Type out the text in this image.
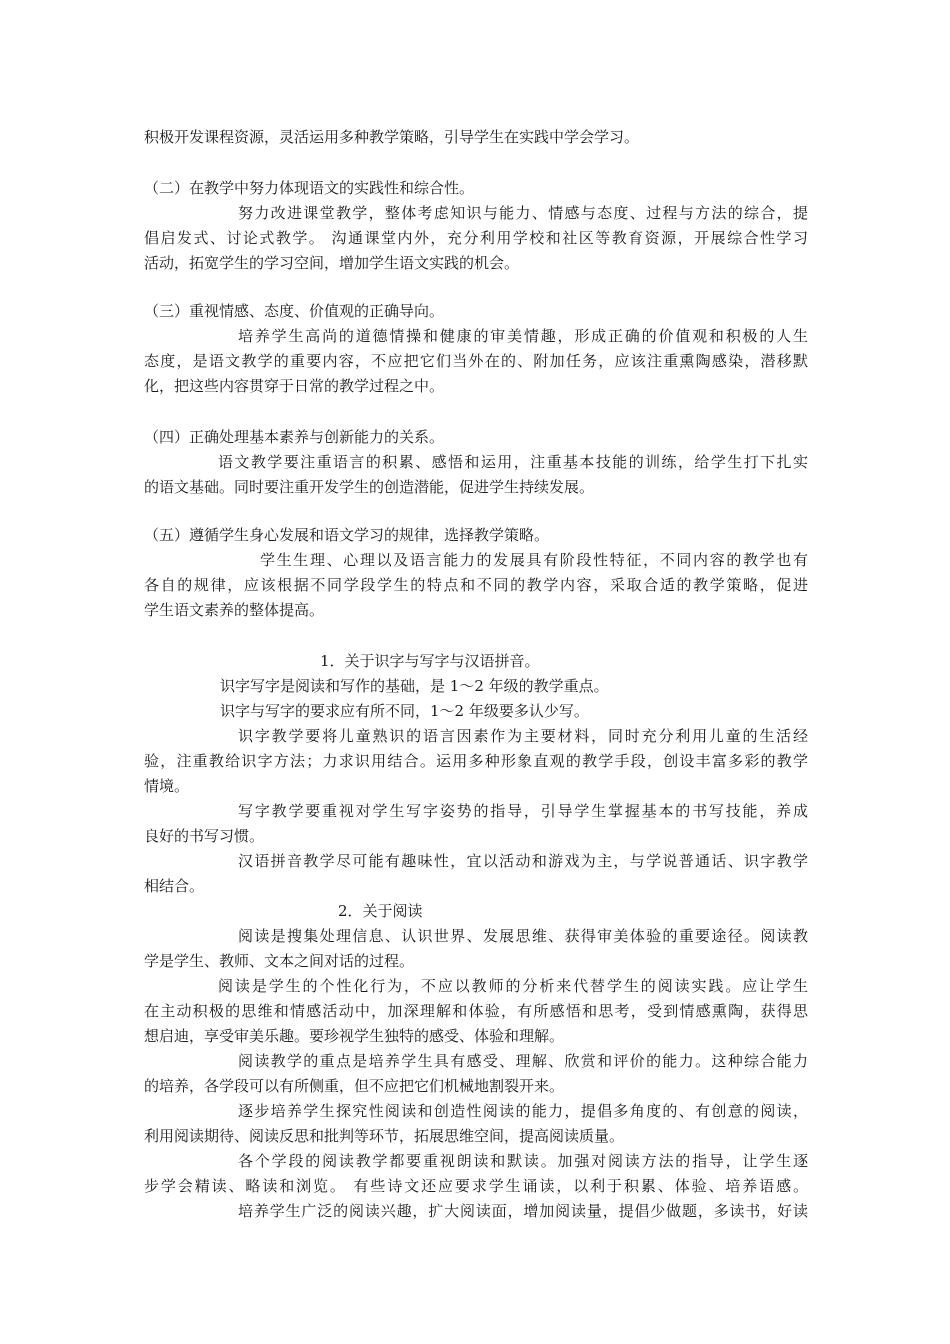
积极开发课程资源，灵活运用多种教学策略，引导学生在实践中学会学习。
（二）在教学中努力体现语文的实践性和综合性。
努力改进课堂教学，整体考虑知识与能力、情感与态度、过程与方法的综合，提
倡启发式、讨论式教学。 沟通课堂内外，充分利用学校和社区等教育资源，开展综合性学习
活动，拓宽学生的学习空间，增加学生语文实践的机会。
（三）重视情感、态度、价值观的正确导向。
培养学生高尚的道德情操和健康的审美情趣，形成正确的价值观和积极的人生
态度，是语文教学的重要内容，不应把它们当外在的、附加任务，应该注重熏陶感染，潜移默
化，把这些内容贯穿于日常的教学过程之中。
（四）正确处理基本素养与创新能力的关系。
语文教学要注重语言的积累、感悟和运用，注重基本技能的训练，给学生打下扎实
的语文基础。同时要注重开发学生的创造潜能，促进学生持续发展。
（五）遵循学生身心发展和语文学习的规律，选择教学策略。
学生生理、心理以及语言能力的发展具有阶段性特征，不同内容的教学也有
各自的规律，应该根据不同学段学生的特点和不同的教学内容，采取合适的教学策略，促进
学生语文素养的整体提高。
1．关于识字与写字与汉语拼音。
识字写字是阅读和写作的基础，是 1～2 年级的教学重点。
识字与写字的要求应有所不同，1～2 年级要多认少写。
识字教学要将儿童熟识的语言因素作为主要材料，同时充分利用儿童的生活经
验，注重教给识字方法；力求识用结合。运用多种形象直观的教学手段，创设丰富多彩的教学
情境。
写字教学要重视对学生写字姿势的指导，引导学生掌握基本的书写技能，养成
良好的书写习惯。
汉语拼音教学尽可能有趣味性，宜以活动和游戏为主，与学说普通话、识字教学
相结合。
2．关于阅读
阅读是搜集处理信息、认识世界、发展思维、获得审美体验的重要途径。阅读教
学是学生、教师、文本之间对话的过程。
阅读是学生的个性化行为，不应以教师的分析来代替学生的阅读实践。应让学生
在主动积极的思维和情感活动中，加深理解和体验，有所感悟和思考，受到情感熏陶，获得思
想启迪，享受审美乐趣。要珍视学生独特的感受、体验和理解。
阅读教学的重点是培养学生具有感受、理解、欣赏和评价的能力。这种综合能力
的培养，各学段可以有所侧重，但不应把它们机械地割裂开来。
逐步培养学生探究性阅读和创造性阅读的能力，提倡多角度的、有创意的阅读，
利用阅读期待、阅读反思和批判等环节，拓展思维空间，提高阅读质量。
各个学段的阅读教学都要重视朗读和默读。加强对阅读方法的指导，让学生逐
步学会精读、略读和浏览。 有些诗文还应要求学生诵读，以利于积累、体验、培养语感。
培养学生广泛的阅读兴趣，扩大阅读面，增加阅读量，提倡少做题，多读书，好读
